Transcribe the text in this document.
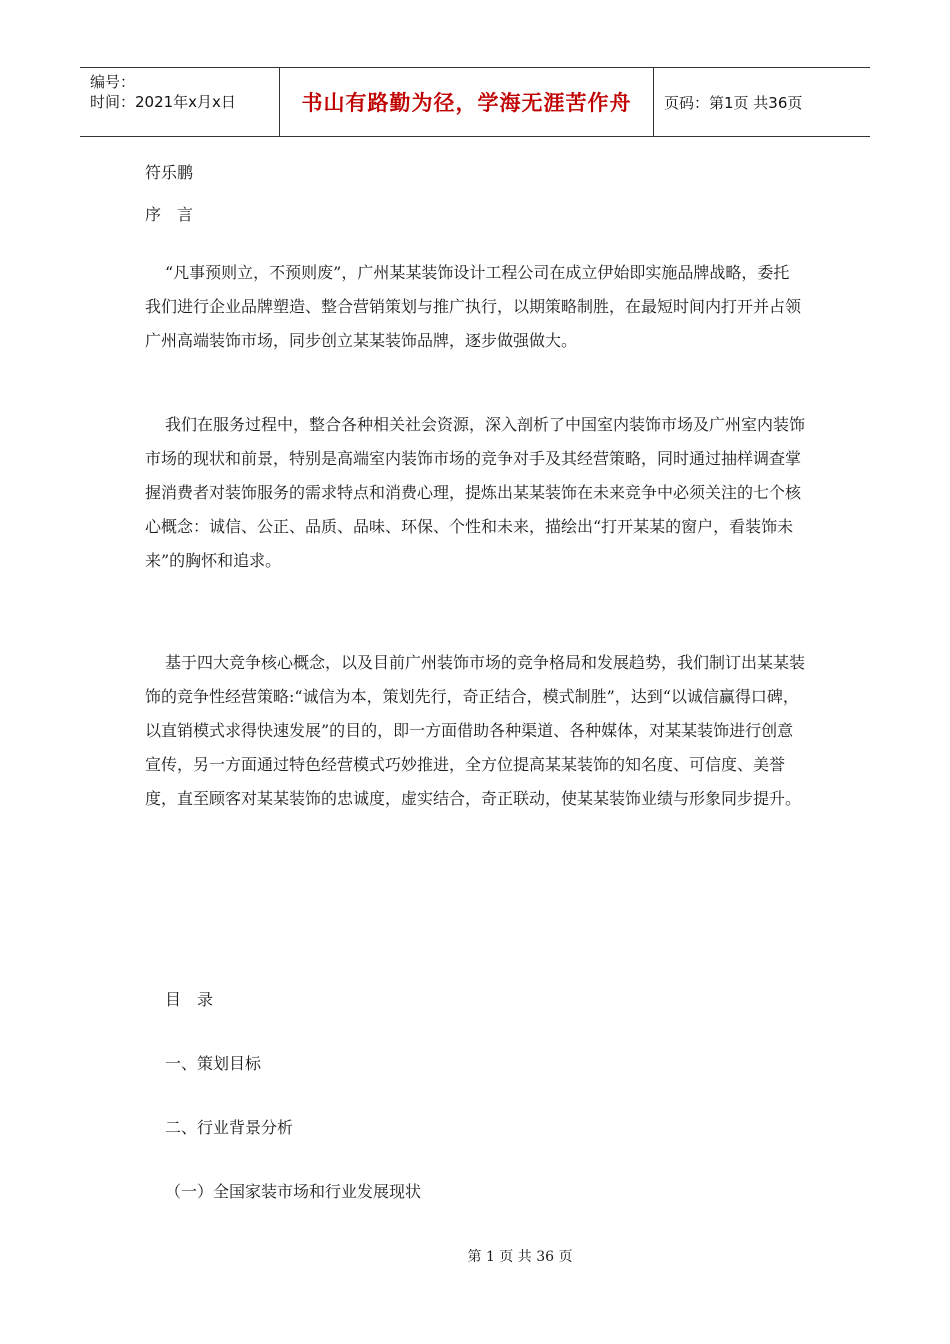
编号：
时间：2021年x月x日	书山有路勤为径，学海无涯苦作舟	页码：第1页 共36页
符乐鹏
序　言
“凡事预则立，不预则废”，广州某某装饰设计工程公司在成立伊始即实施品牌战略，委托我们进行企业品牌塑造、整合营销策划与推广执行，以期策略制胜，在最短时间内打开并占领广州高端装饰市场，同步创立某某装饰品牌，逐步做强做大。
我们在服务过程中，整合各种相关社会资源，深入剖析了中国室内装饰市场及广州室内装饰市场的现状和前景，特别是高端室内装饰市场的竞争对手及其经营策略，同时通过抽样调查掌握消费者对装饰服务的需求特点和消费心理，提炼出某某装饰在未来竞争中必须关注的七个核心概念：诚信、公正、品质、品味、环保、个性和未来，描绘出“打开某某的窗户，看装饰未来”的胸怀和追求。
基于四大竞争核心概念，以及目前广州装饰市场的竞争格局和发展趋势，我们制订出某某装饰的竞争性经营策略:“诚信为本，策划先行，奇正结合，模式制胜”，达到“以诚信赢得口碑，以直销模式求得快速发展”的目的，即一方面借助各种渠道、各种媒体，对某某装饰进行创意宣传，另一方面通过特色经营模式巧妙推进，全方位提高某某装饰的知名度、可信度、美誉度，直至顾客对某某装饰的忠诚度，虚实结合，奇正联动，使某某装饰业绩与形象同步提升。
目　录
一、策划目标
二、行业背景分析
（一）全国家装市场和行业发展现状
第 1 页 共 36 页
